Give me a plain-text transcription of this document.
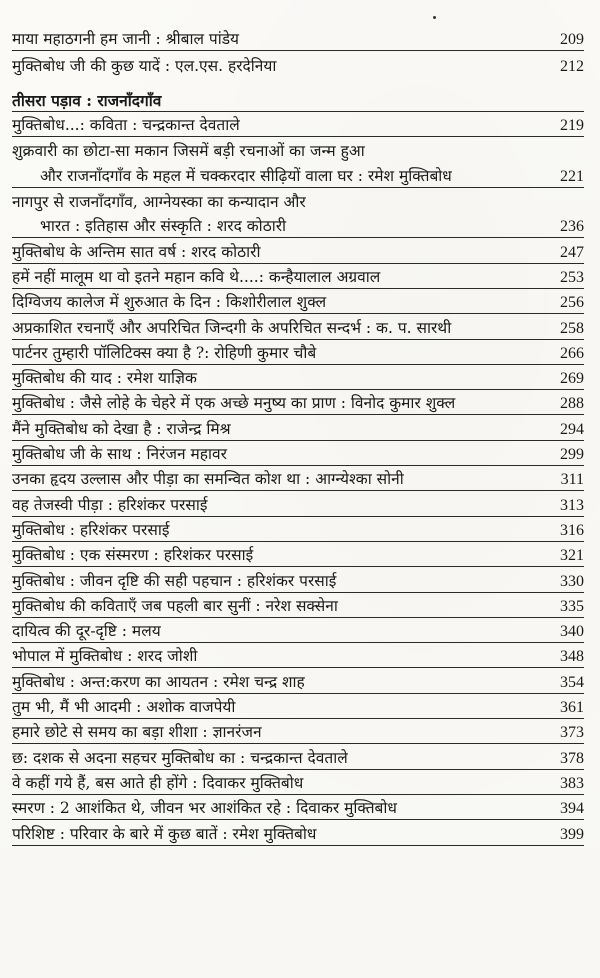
माया महाठगनी हम जानी : श्रीबाल पांडेय	209
मुक्तिबोध जी की कुछ यादें : एल.एस. हरदेनिया	212
तीसरा पड़ाव : राजनाँदगाँव
मुक्तिबोध...: कविता : चन्द्रकान्त देवताले	219
शुक्रवारी का छोटा-सा मकान जिसमें बड़ी रचनाओं का जन्म हुआ
और राजनाँदगाँव के महल में चक्करदार सीढ़ियों वाला घर : रमेश मुक्तिबोध	221
नागपुर से राजनाँदगाँव, आग्नेयस्का का कन्यादान और
भारत : इतिहास और संस्कृति : शरद कोठारी	236
मुक्तिबोध के अन्तिम सात वर्ष : शरद कोठारी	247
हमें नहीं मालूम था वो इतने महान कवि थे....: कन्हैयालाल अग्रवाल	253
दिग्विजय कालेज में शुरुआत के दिन : किशोरीलाल शुक्ल	256
अप्रकाशित रचनाएँ और अपरिचित जिन्दगी के अपरिचित सन्दर्भ : क. प. सारथी	258
पार्टनर तुम्हारी पॉलिटिक्स क्या है ?: रोहिणी कुमार चौबे	266
मुक्तिबोध की याद : रमेश याज्ञिक	269
मुक्तिबोध : जैसे लोहे के चेहरे में एक अच्छे मनुष्य का प्राण : विनोद कुमार शुक्ल	288
मैंने मुक्तिबोध को देखा है : राजेन्द्र मिश्र	294
मुक्तिबोध जी के साथ : निरंजन महावर	299
उनका हृदय उल्लास और पीड़ा का समन्वित कोश था : आग्न्येश्का सोनी	311
वह तेजस्वी पीड़ा : हरिशंकर परसाई	313
मुक्तिबोध : हरिशंकर परसाई	316
मुक्तिबोध : एक संस्मरण : हरिशंकर परसाई	321
मुक्तिबोध : जीवन दृष्टि की सही पहचान : हरिशंकर परसाई	330
मुक्तिबोध की कविताएँ जब पहली बार सुनीं : नरेश सक्सेना	335
दायित्व की दूर-दृष्टि : मलय	340
भोपाल में मुक्तिबोध : शरद जोशी	348
मुक्तिबोध : अन्त:करण का आयतन : रमेश चन्द्र शाह	354
तुम भी, मैं भी आदमी : अशोक वाजपेयी	361
हमारे छोटे से समय का बड़ा शीशा : ज्ञानरंजन	373
छ: दशक से अदना सहचर मुक्तिबोध का : चन्द्रकान्त देवताले	378
वे कहीं गये हैं, बस आते ही होंगे : दिवाकर मुक्तिबोध	383
स्मरण : 2 आशंकित थे, जीवन भर आशंकित रहे : दिवाकर मुक्तिबोध	394
परिशिष्ट : परिवार के बारे में कुछ बातें : रमेश मुक्तिबोध	399
